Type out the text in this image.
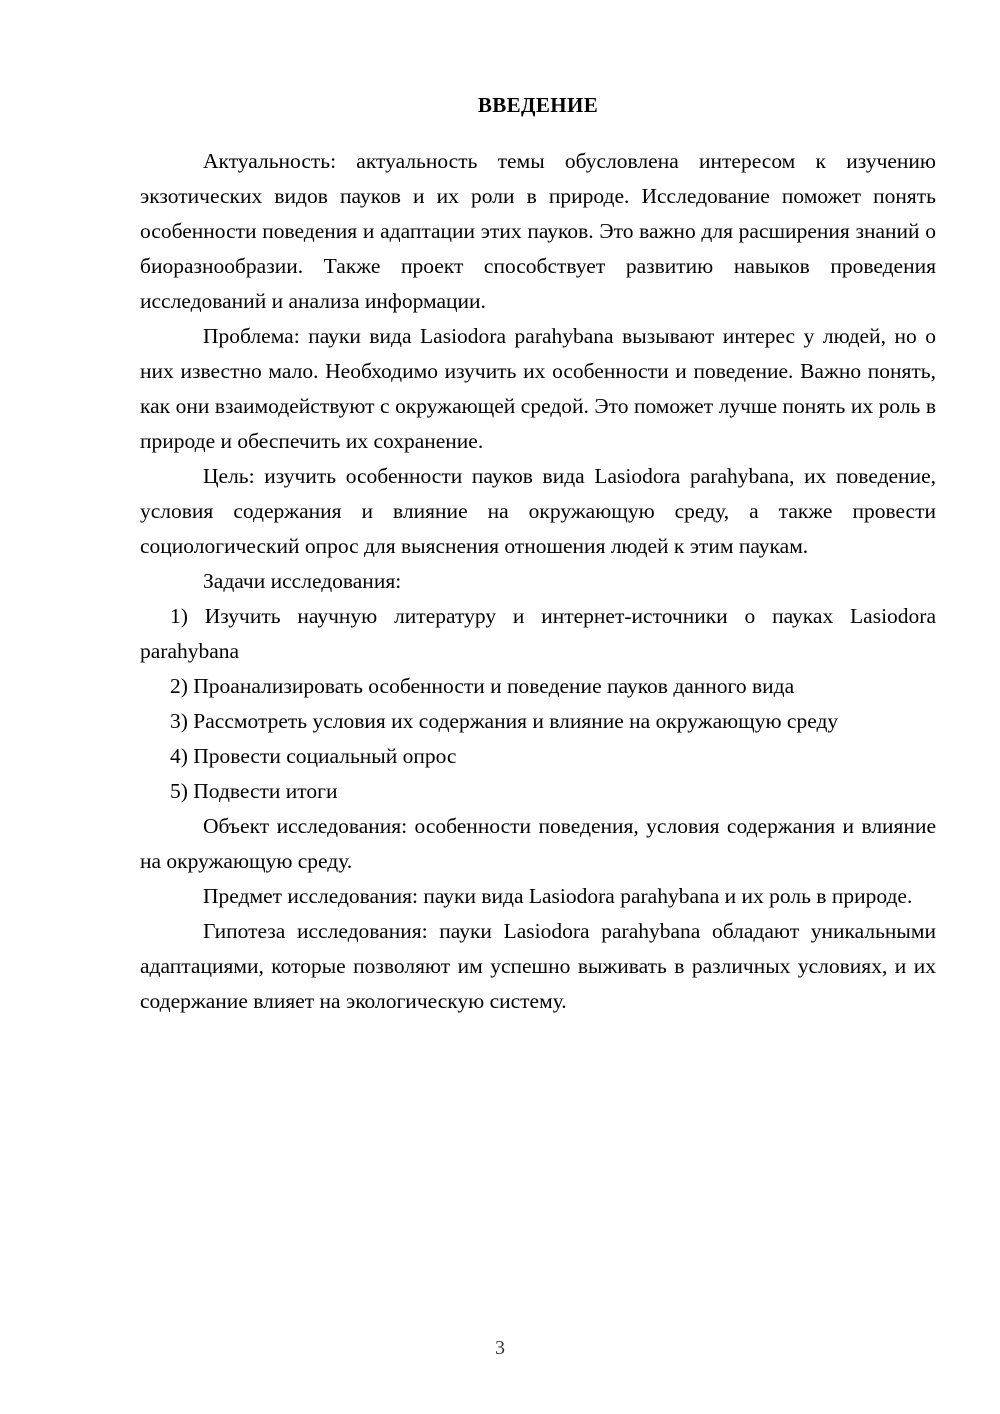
ВВЕДЕНИЕ

Актуальность: актуальность темы обусловлена интересом к изучению экзотических видов пауков и их роли в природе. Исследование поможет понять особенности поведения и адаптации этих пауков. Это важно для расширения знаний о биоразнообразии. Также проект способствует развитию навыков проведения исследований и анализа информации.

Проблема: пауки вида Lasiodora parahybana вызывают интерес у людей, но о них известно мало. Необходимо изучить их особенности и поведение. Важно понять, как они взаимодействуют с окружающей средой. Это поможет лучше понять их роль в природе и обеспечить их сохранение.

Цель: изучить особенности пауков вида Lasiodora parahybana, их поведение, условия содержания и влияние на окружающую среду, а также провести социологический опрос для выяснения отношения людей к этим паукам.

Задачи исследования:

1) Изучить научную литературу и интернет-источники о пауках Lasiodora parahybana

2) Проанализировать особенности и поведение пауков данного вида

3) Рассмотреть условия их содержания и влияние на окружающую среду

4) Провести социальный опрос

5) Подвести итоги

Объект исследования: особенности поведения, условия содержания и влияние на окружающую среду.

Предмет исследования: пауки вида Lasiodora parahybana и их роль в природе.

Гипотеза исследования: пауки Lasiodora parahybana обладают уникальными адаптациями, которые позволяют им успешно выживать в различных условиях, и их содержание влияет на экологическую систему.

3
